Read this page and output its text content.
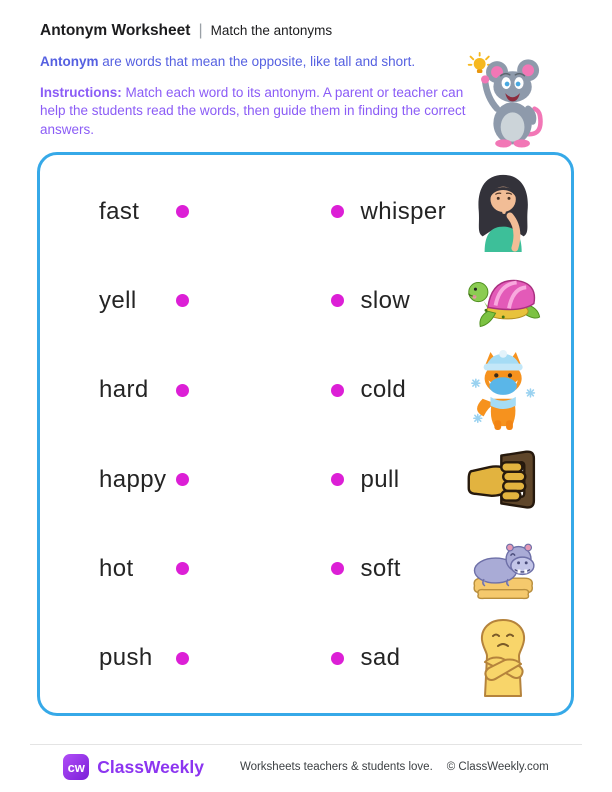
Antonym Worksheet | Match the antonyms
Antonym are words that mean the opposite, like tall and short.
Instructions: Match each word to its antonym. A parent or teacher can help the students read the words, then guide them in finding the correct answers.
fast	whisper
yell	slow
hard	cold
happy	pull
hot	soft
push	sad
cw ClassWeekly	Worksheets teachers & students love. © ClassWeekly.com
